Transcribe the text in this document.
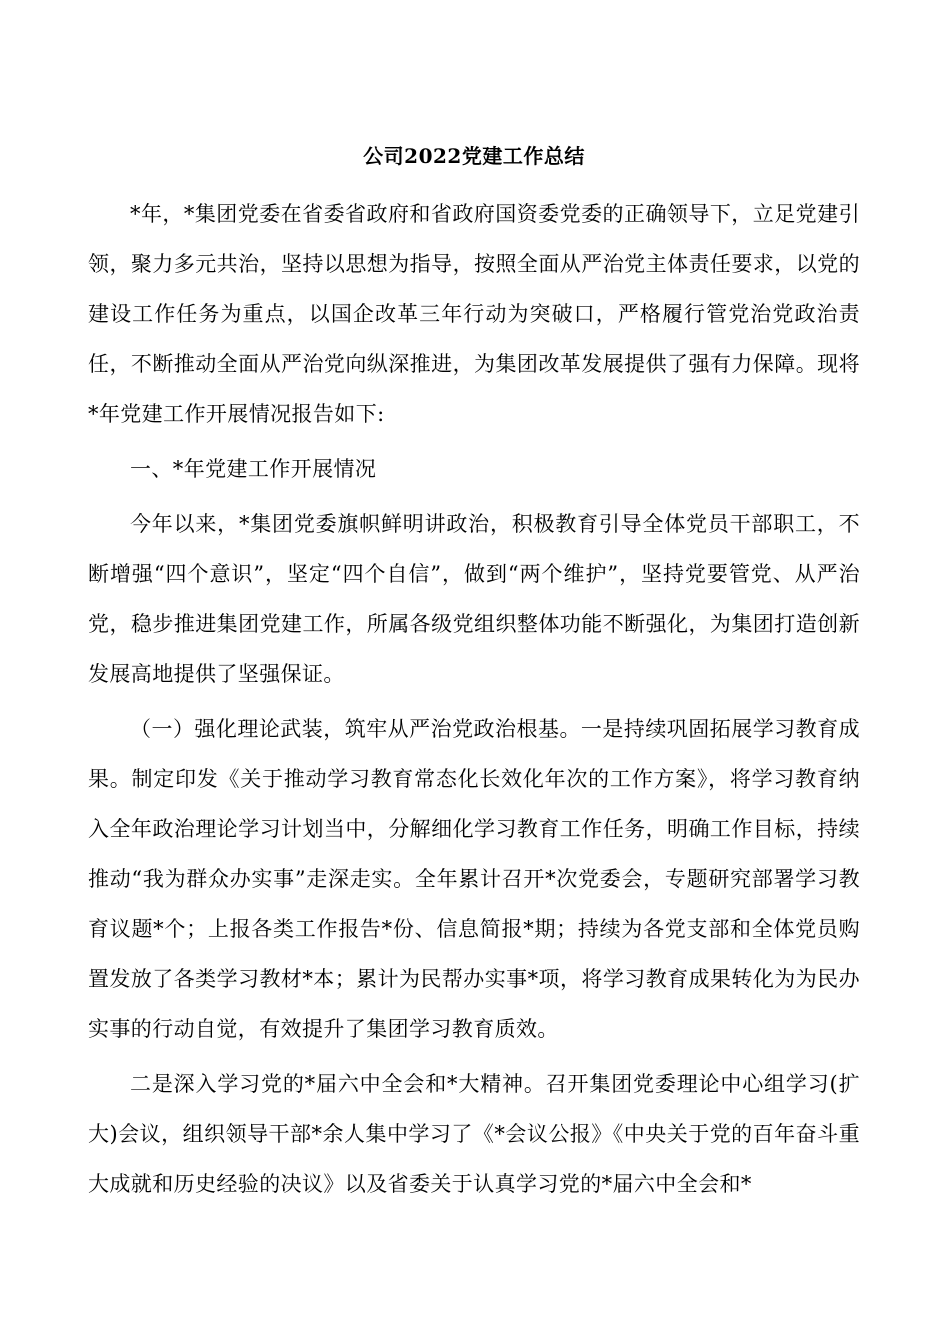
公司2022党建工作总结

*年，*集团党委在省委省政府和省政府国资委党委的正确领导下，立足党建引领，聚力多元共治，坚持以思想为指导，按照全面从严治党主体责任要求，以党的建设工作任务为重点，以国企改革三年行动为突破口，严格履行管党治党政治责任，不断推动全面从严治党向纵深推进，为集团改革发展提供了强有力保障。现将*年党建工作开展情况报告如下:

一、*年党建工作开展情况

今年以来，*集团党委旗帜鲜明讲政治，积极教育引导全体党员干部职工，不断增强“四个意识”，坚定“四个自信”，做到“两个维护”，坚持党要管党、从严治党，稳步推进集团党建工作，所属各级党组织整体功能不断强化，为集团打造创新发展高地提供了坚强保证。

（一）强化理论武装，筑牢从严治党政治根基。一是持续巩固拓展学习教育成果。制定印发《关于推动学习教育常态化长效化年次的工作方案》，将学习教育纳入全年政治理论学习计划当中，分解细化学习教育工作任务，明确工作目标，持续推动“我为群众办实事”走深走实。全年累计召开*次党委会，专题研究部署学习教育议题*个；上报各类工作报告*份、信息简报*期；持续为各党支部和全体党员购置发放了各类学习教材*本；累计为民帮办实事*项，将学习教育成果转化为为民办实事的行动自觉，有效提升了集团学习教育质效。

二是深入学习党的*届六中全会和*大精神。召开集团党委理论中心组学习(扩大)会议，组织领导干部*余人集中学习了《*会议公报》《中央关于党的百年奋斗重大成就和历史经验的决议》以及省委关于认真学习党的*届六中全会和*
